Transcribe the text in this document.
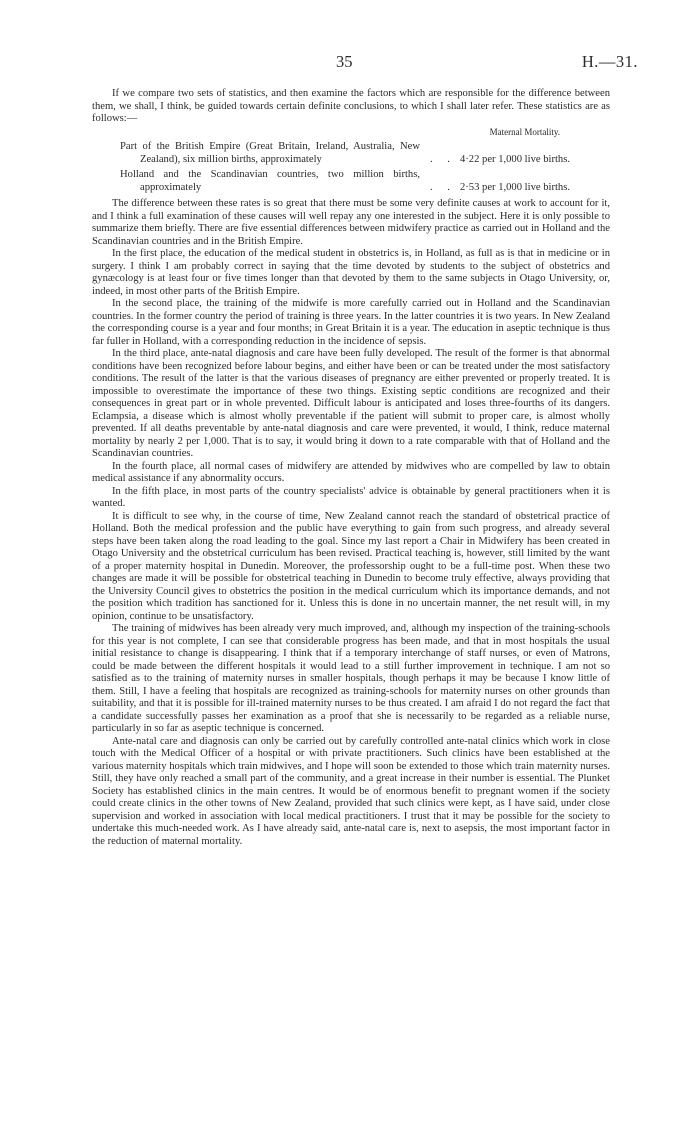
35	H.—31.

If we compare two sets of statistics, and then examine the factors which are responsible for the difference between them, we shall, I think, be guided towards certain definite conclusions, to which I shall later refer. These statistics are as follows:—

Maternal Mortality.
Part of the British Empire (Great Britain, Ireland, Australia, New Zealand), six million births, approximately	. . 4·22 per 1,000 live births.
Holland and the Scandinavian countries, two million births, approximately	. . 2·53 per 1,000 live births.

The difference between these rates is so great that there must be some very definite causes at work to account for it, and I think a full examination of these causes will well repay any one interested in the subject. Here it is only possible to summarize them briefly. There are five essential differences between midwifery practice as carried out in Holland and the Scandinavian countries and in the British Empire.

In the first place, the education of the medical student in obstetrics is, in Holland, as full as is that in medicine or in surgery. I think I am probably correct in saying that the time devoted by students to the subject of obstetrics and gynæcology is at least four or five times longer than that devoted by them to the same subjects in Otago University, or, indeed, in most other parts of the British Empire.

In the second place, the training of the midwife is more carefully carried out in Holland and the Scandinavian countries. In the former country the period of training is three years. In the latter countries it is two years. In New Zealand the corresponding course is a year and four months; in Great Britain it is a year. The education in aseptic technique is thus far fuller in Holland, with a corresponding reduction in the incidence of sepsis.

In the third place, ante-natal diagnosis and care have been fully developed. The result of the former is that abnormal conditions have been recognized before labour begins, and either have been or can be treated under the most satisfactory conditions. The result of the latter is that the various diseases of pregnancy are either prevented or properly treated. It is impossible to overestimate the importance of these two things. Existing septic conditions are recognized and their consequences in great part or in whole prevented. Difficult labour is anticipated and loses three-fourths of its dangers. Eclampsia, a disease which is almost wholly preventable if the patient will submit to proper care, is almost wholly prevented. If all deaths preventable by ante-natal diagnosis and care were prevented, it would, I think, reduce maternal mortality by nearly 2 per 1,000. That is to say, it would bring it down to a rate comparable with that of Holland and the Scandinavian countries.

In the fourth place, all normal cases of midwifery are attended by midwives who are compelled by law to obtain medical assistance if any abnormality occurs.

In the fifth place, in most parts of the country specialists' advice is obtainable by general practitioners when it is wanted.

It is difficult to see why, in the course of time, New Zealand cannot reach the standard of obstetrical practice of Holland. Both the medical profession and the public have everything to gain from such progress, and already several steps have been taken along the road leading to the goal. Since my last report a Chair in Midwifery has been created in Otago University and the obstetrical curriculum has been revised. Practical teaching is, however, still limited by the want of a proper maternity hospital in Dunedin. Moreover, the professorship ought to be a full-time post. When these two changes are made it will be possible for obstetrical teaching in Dunedin to become truly effective, always providing that the University Council gives to obstetrics the position in the medical curriculum which its importance demands, and not the position which tradition has sanctioned for it. Unless this is done in no uncertain manner, the net result will, in my opinion, continue to be unsatisfactory.

The training of midwives has been already very much improved, and, although my inspection of the training-schools for this year is not complete, I can see that considerable progress has been made, and that in most hospitals the usual initial resistance to change is disappearing. I think that if a temporary interchange of staff nurses, or even of Matrons, could be made between the different hospitals it would lead to a still further improvement in technique. I am not so satisfied as to the training of maternity nurses in smaller hospitals, though perhaps it may be because I know little of them. Still, I have a feeling that hospitals are recognized as training-schools for maternity nurses on other grounds than suitability, and that it is possible for ill-trained maternity nurses to be thus created. I am afraid I do not regard the fact that a candidate successfully passes her examination as a proof that she is necessarily to be regarded as a reliable nurse, particularly in so far as aseptic technique is concerned.

Ante-natal care and diagnosis can only be carried out by carefully controlled ante-natal clinics which work in close touch with the Medical Officer of a hospital or with private practitioners. Such clinics have been established at the various maternity hospitals which train midwives, and I hope will soon be extended to those which train maternity nurses. Still, they have only reached a small part of the community, and a great increase in their number is essential. The Plunket Society has established clinics in the main centres. It would be of enormous benefit to pregnant women if the society could create clinics in the other towns of New Zealand, provided that such clinics were kept, as I have said, under close supervision and worked in association with local medical practitioners. I trust that it may be possible for the society to undertake this much-needed work. As I have already said, ante-natal care is, next to asepsis, the most important factor in the reduction of maternal mortality.
